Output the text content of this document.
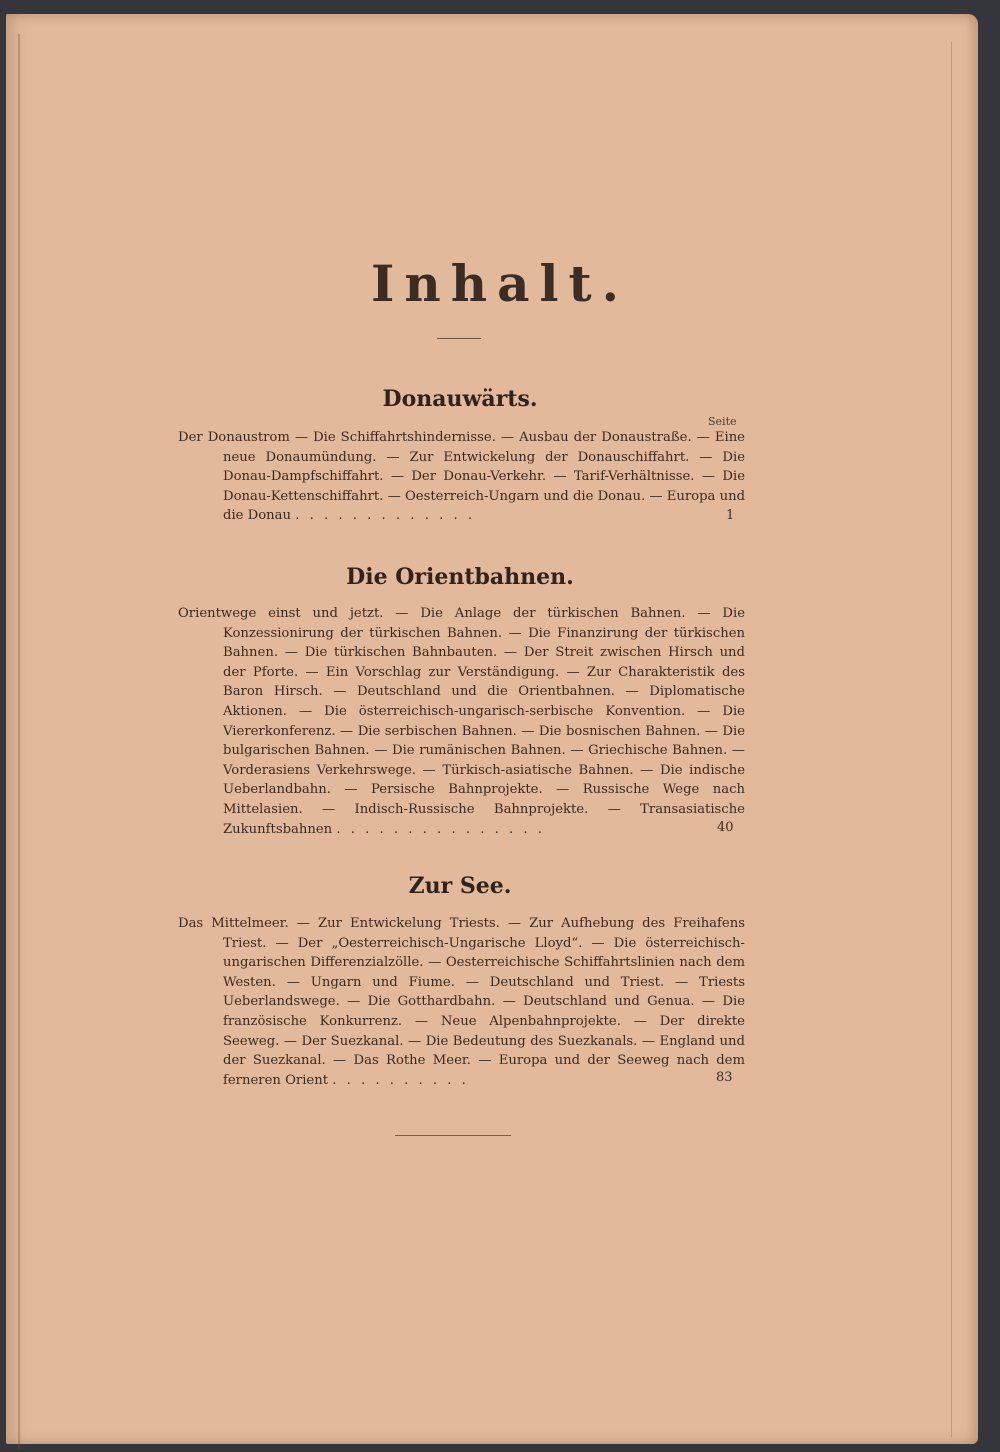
Inhalt.
Donauwärts.
Seite
Der Donaustrom — Die Schiffahrtshindernisse. — Ausbau der Donaustraße. — Eine neue Donaumündung. — Zur Entwickelung der Donauschiffahrt. — Die Donau-Dampfschiffahrt. — Der Donau-Verkehr. — Tarif-Verhältnisse. — Die Donau-Kettenschiffahrt. — Oesterreich-Ungarn und die Donau. — Europa und die Donau . . . . . . . . . . . . .	1
Die Orientbahnen.
Orientwege einst und jetzt. — Die Anlage der türkischen Bahnen. — Die Konzessionirung der türkischen Bahnen. — Die Finanzirung der türkischen Bahnen. — Die türkischen Bahnbauten. — Der Streit zwischen Hirsch und der Pforte. — Ein Vorschlag zur Verständigung. — Zur Charakteristik des Baron Hirsch. — Deutschland und die Orientbahnen. — Diplomatische Aktionen. — Die österreichisch-ungarisch-serbische Konvention. — Die Viererkonferenz. — Die serbischen Bahnen. — Die bosnischen Bahnen. — Die bulgarischen Bahnen. — Die rumänischen Bahnen. — Griechische Bahnen. — Vorderasiens Verkehrswege. — Türkisch-asiatische Bahnen. — Die indische Ueberlandbahn. — Persische Bahnprojekte. — Russische Wege nach Mittelasien. — Indisch-Russische Bahnprojekte. — Transasiatische Zukunftsbahnen . . . . . . . . . . . . . . .	40
Zur See.
Das Mittelmeer. — Zur Entwickelung Triests. — Zur Aufhebung des Freihafens Triest. — Der „Oesterreichisch-Ungarische Lloyd“. — Die österreichisch-ungarischen Differenzialzölle. — Oesterreichische Schiffahrtslinien nach dem Westen. — Ungarn und Fiume. — Deutschland und Triest. — Triests Ueberlandswege. — Die Gotthardbahn. — Deutschland und Genua. — Die französische Konkurrenz. — Neue Alpenbahnprojekte. — Der direkte Seeweg. — Der Suezkanal. — Die Bedeutung des Suezkanals. — England und der Suezkanal. — Das Rothe Meer. — Europa und der Seeweg nach dem ferneren Orient . . . . . . . . . .	83
